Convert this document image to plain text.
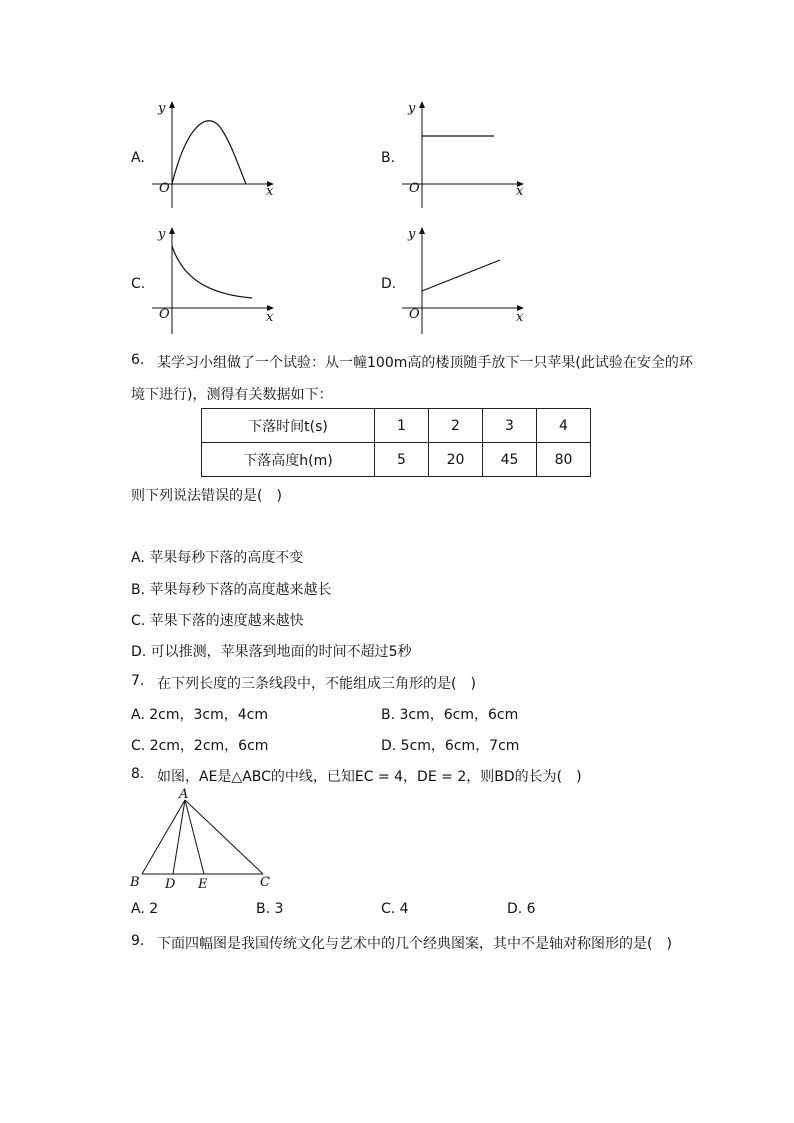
A.
y
x
O
B.
y
x
O
C.
y
x
O
D.
y
x
O
6. 某学习小组做了一个试验：从一幢100m高的楼顶随手放下一只苹果(此试验在安全的环
境下进行)，测得有关数据如下：
下落时间t(s)	1	2	3	4
下落高度h(m)	5	20	45	80
则下列说法错误的是(　)
A. 苹果每秒下落的高度不变
B. 苹果每秒下落的高度越来越长
C. 苹果下落的速度越来越快
D. 可以推测，苹果落到地面的时间不超过5秒
7. 在下列长度的三条线段中，不能组成三角形的是(　)
A. 2cm，3cm，4cm	B. 3cm，6cm，6cm
C. 2cm，2cm，6cm	D. 5cm，6cm，7cm
8. 如图，AE是△ABC的中线，已知EC = 4，DE = 2，则BD的长为(　)
A
B D E	C
A. 2	B. 3	C. 4	D. 6
9. 下面四幅图是我国传统文化与艺术中的几个经典图案，其中不是轴对称图形的是(　)
